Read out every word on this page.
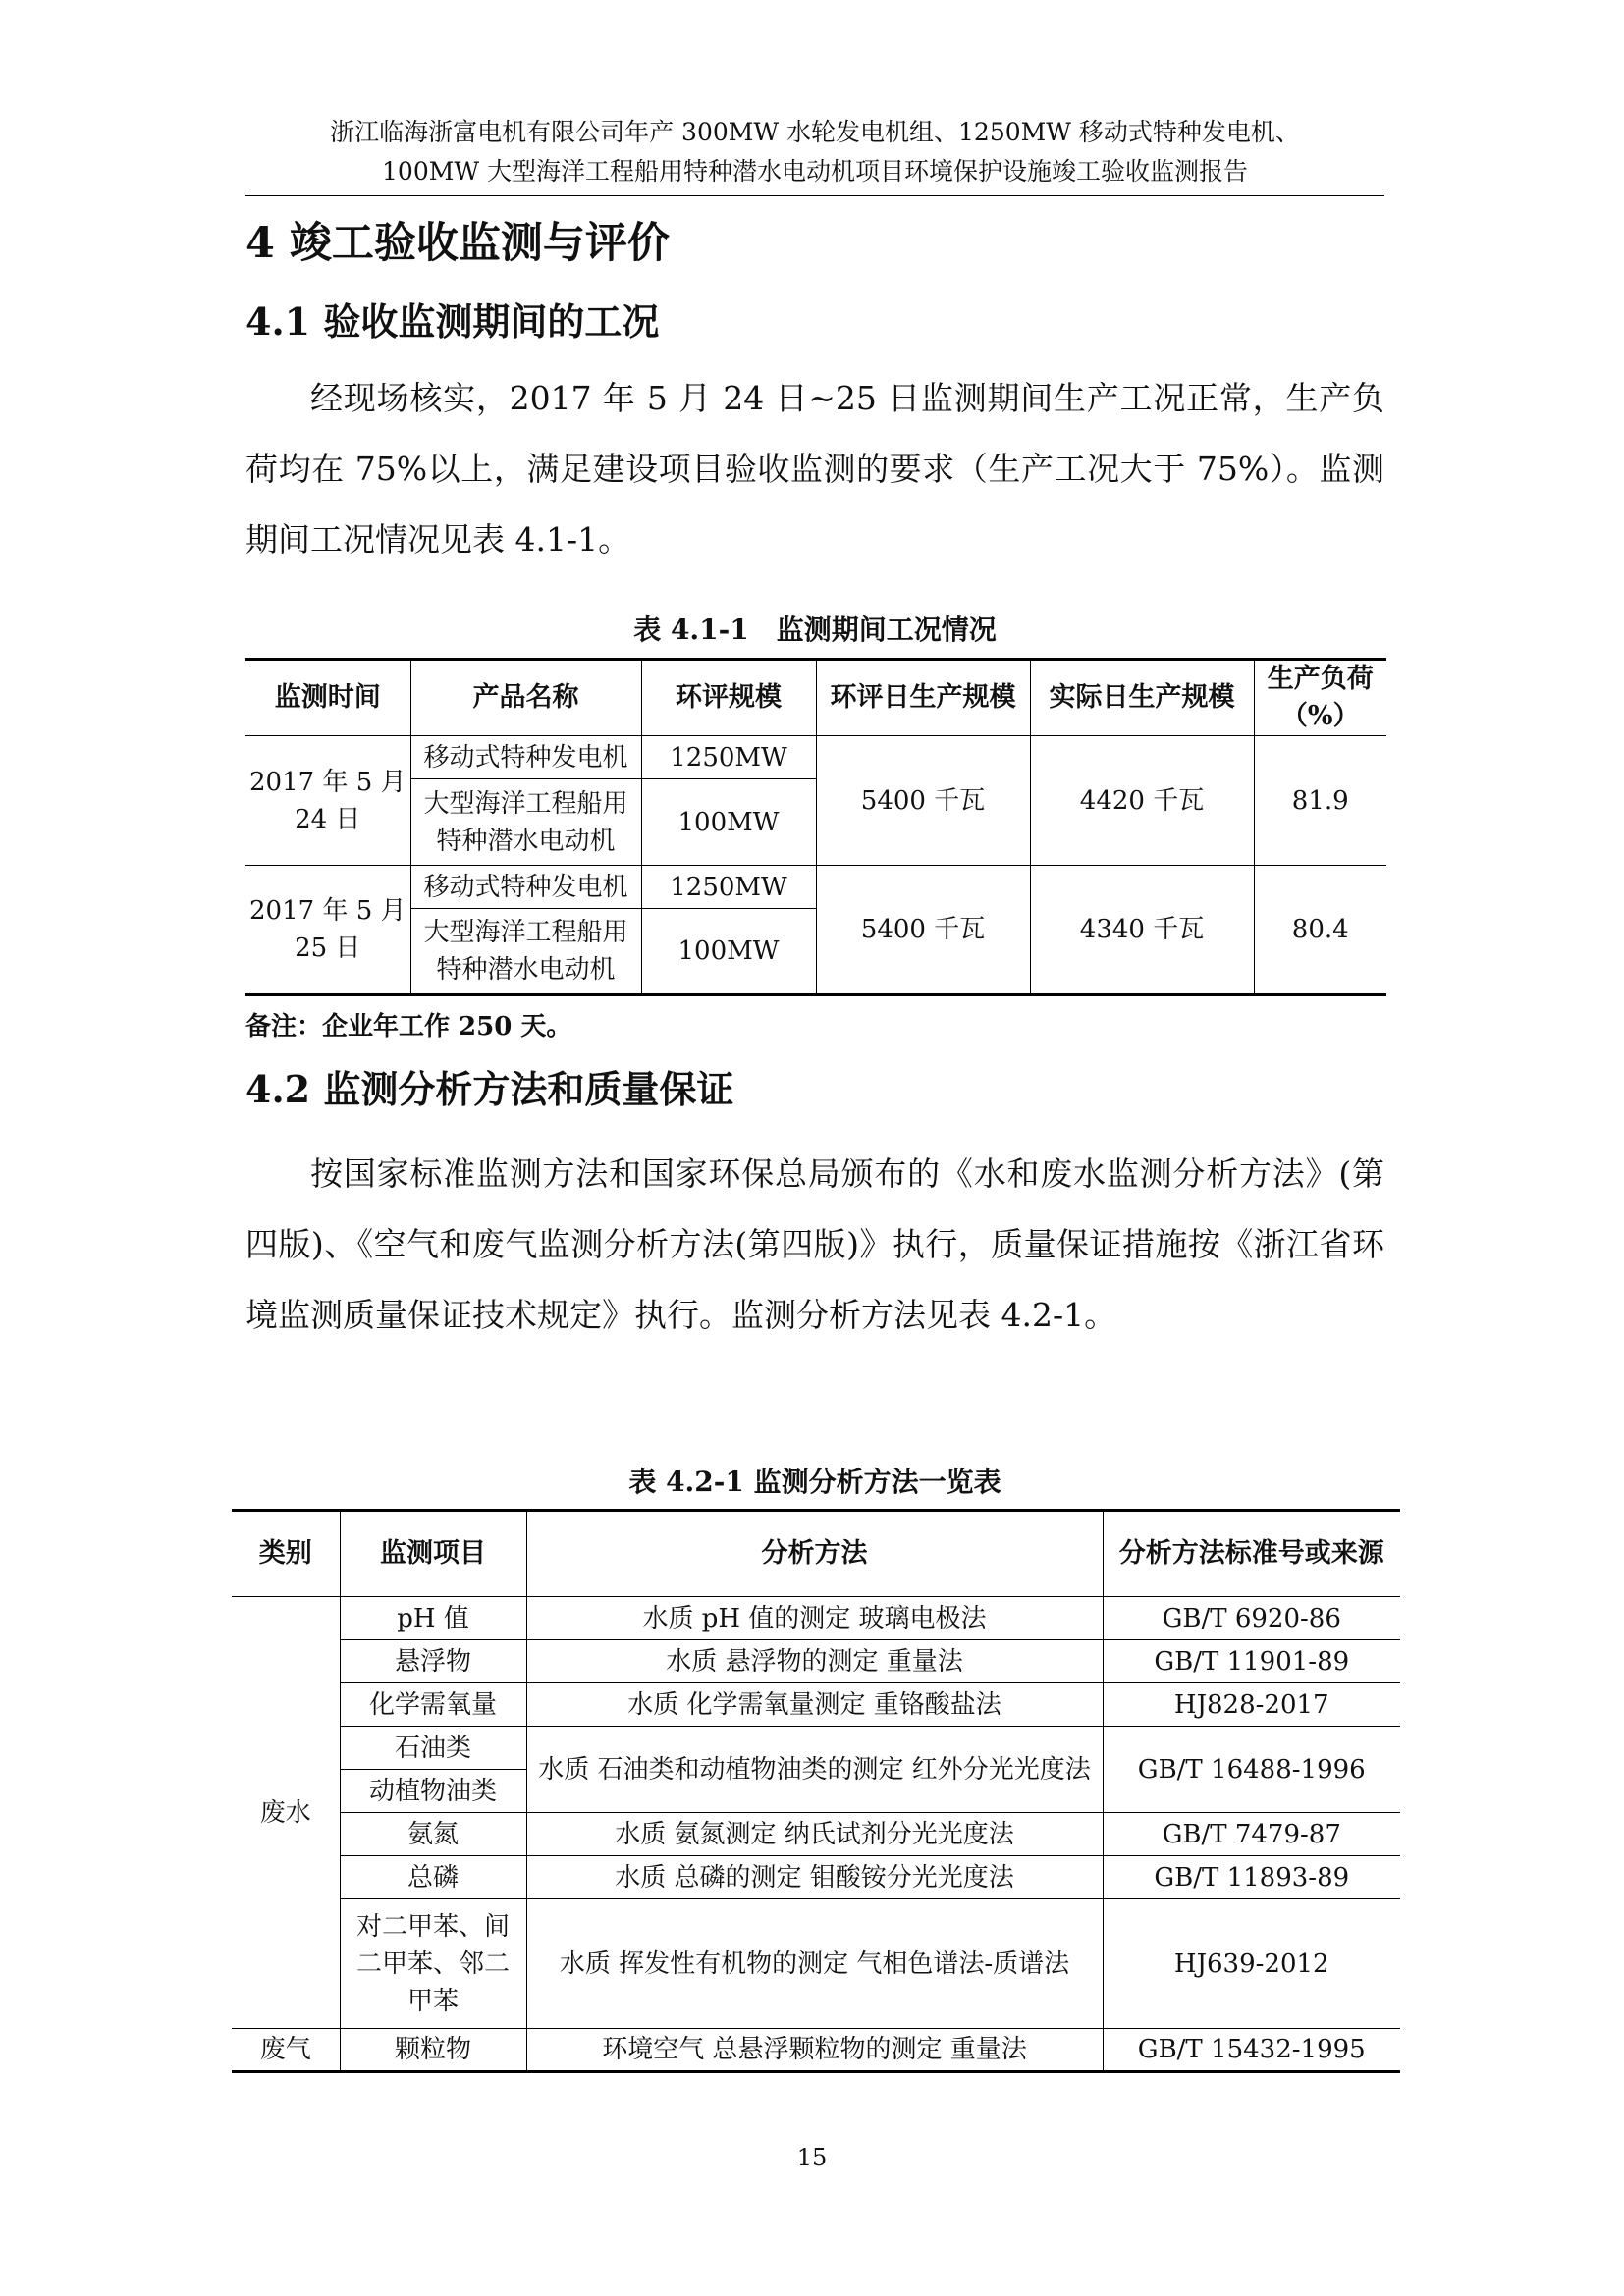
浙江临海浙富电机有限公司年产 300MW 水轮发电机组、1250MW 移动式特种发电机、
100MW 大型海洋工程船用特种潜水电动机项目环境保护设施竣工验收监测报告
4 竣工验收监测与评价
4.1 验收监测期间的工况

经现场核实，2017 年 5 月 24 日~25 日监测期间生产工况正常，生产负荷均在 75%以上，满足建设项目验收监测的要求（生产工况大于 75%）。监测期间工况情况见表 4.1-1。

表 4.1-1　监测期间工况情况
监测时间	产品名称	环评规模	环评日生产规模	实际日生产规模	生产负荷（%）
2017 年 5 月 24 日	移动式特种发电机	1250MW	5400 千瓦	4420 千瓦	81.9
	大型海洋工程船用特种潜水电动机	100MW			
2017 年 5 月 25 日	移动式特种发电机	1250MW	5400 千瓦	4340 千瓦	80.4
	大型海洋工程船用特种潜水电动机	100MW			
备注：企业年工作 250 天。
4.2 监测分析方法和质量保证

按国家标准监测方法和国家环保总局颁布的《水和废水监测分析方法》(第四版)、《空气和废气监测分析方法(第四版)》执行，质量保证措施按《浙江省环境监测质量保证技术规定》执行。监测分析方法见表 4.2-1。

表 4.2-1 监测分析方法一览表
类别	监测项目	分析方法	分析方法标准号或来源
废水	pH 值	水质 pH 值的测定 玻璃电极法	GB/T 6920-86
	悬浮物	水质 悬浮物的测定 重量法	GB/T 11901-89
	化学需氧量	水质 化学需氧量测定 重铬酸盐法	HJ828-2017
	石油类	水质 石油类和动植物油类的测定 红外分光光度法	GB/T 16488-1996
	动植物油类		
	氨氮	水质 氨氮测定 纳氏试剂分光光度法	GB/T 7479-87
	总磷	水质 总磷的测定 钼酸铵分光光度法	GB/T 11893-89
	对二甲苯、间二甲苯、邻二甲苯	水质 挥发性有机物的测定 气相色谱法-质谱法	HJ639-2012
废气	颗粒物	环境空气 总悬浮颗粒物的测定 重量法	GB/T 15432-1995
15
